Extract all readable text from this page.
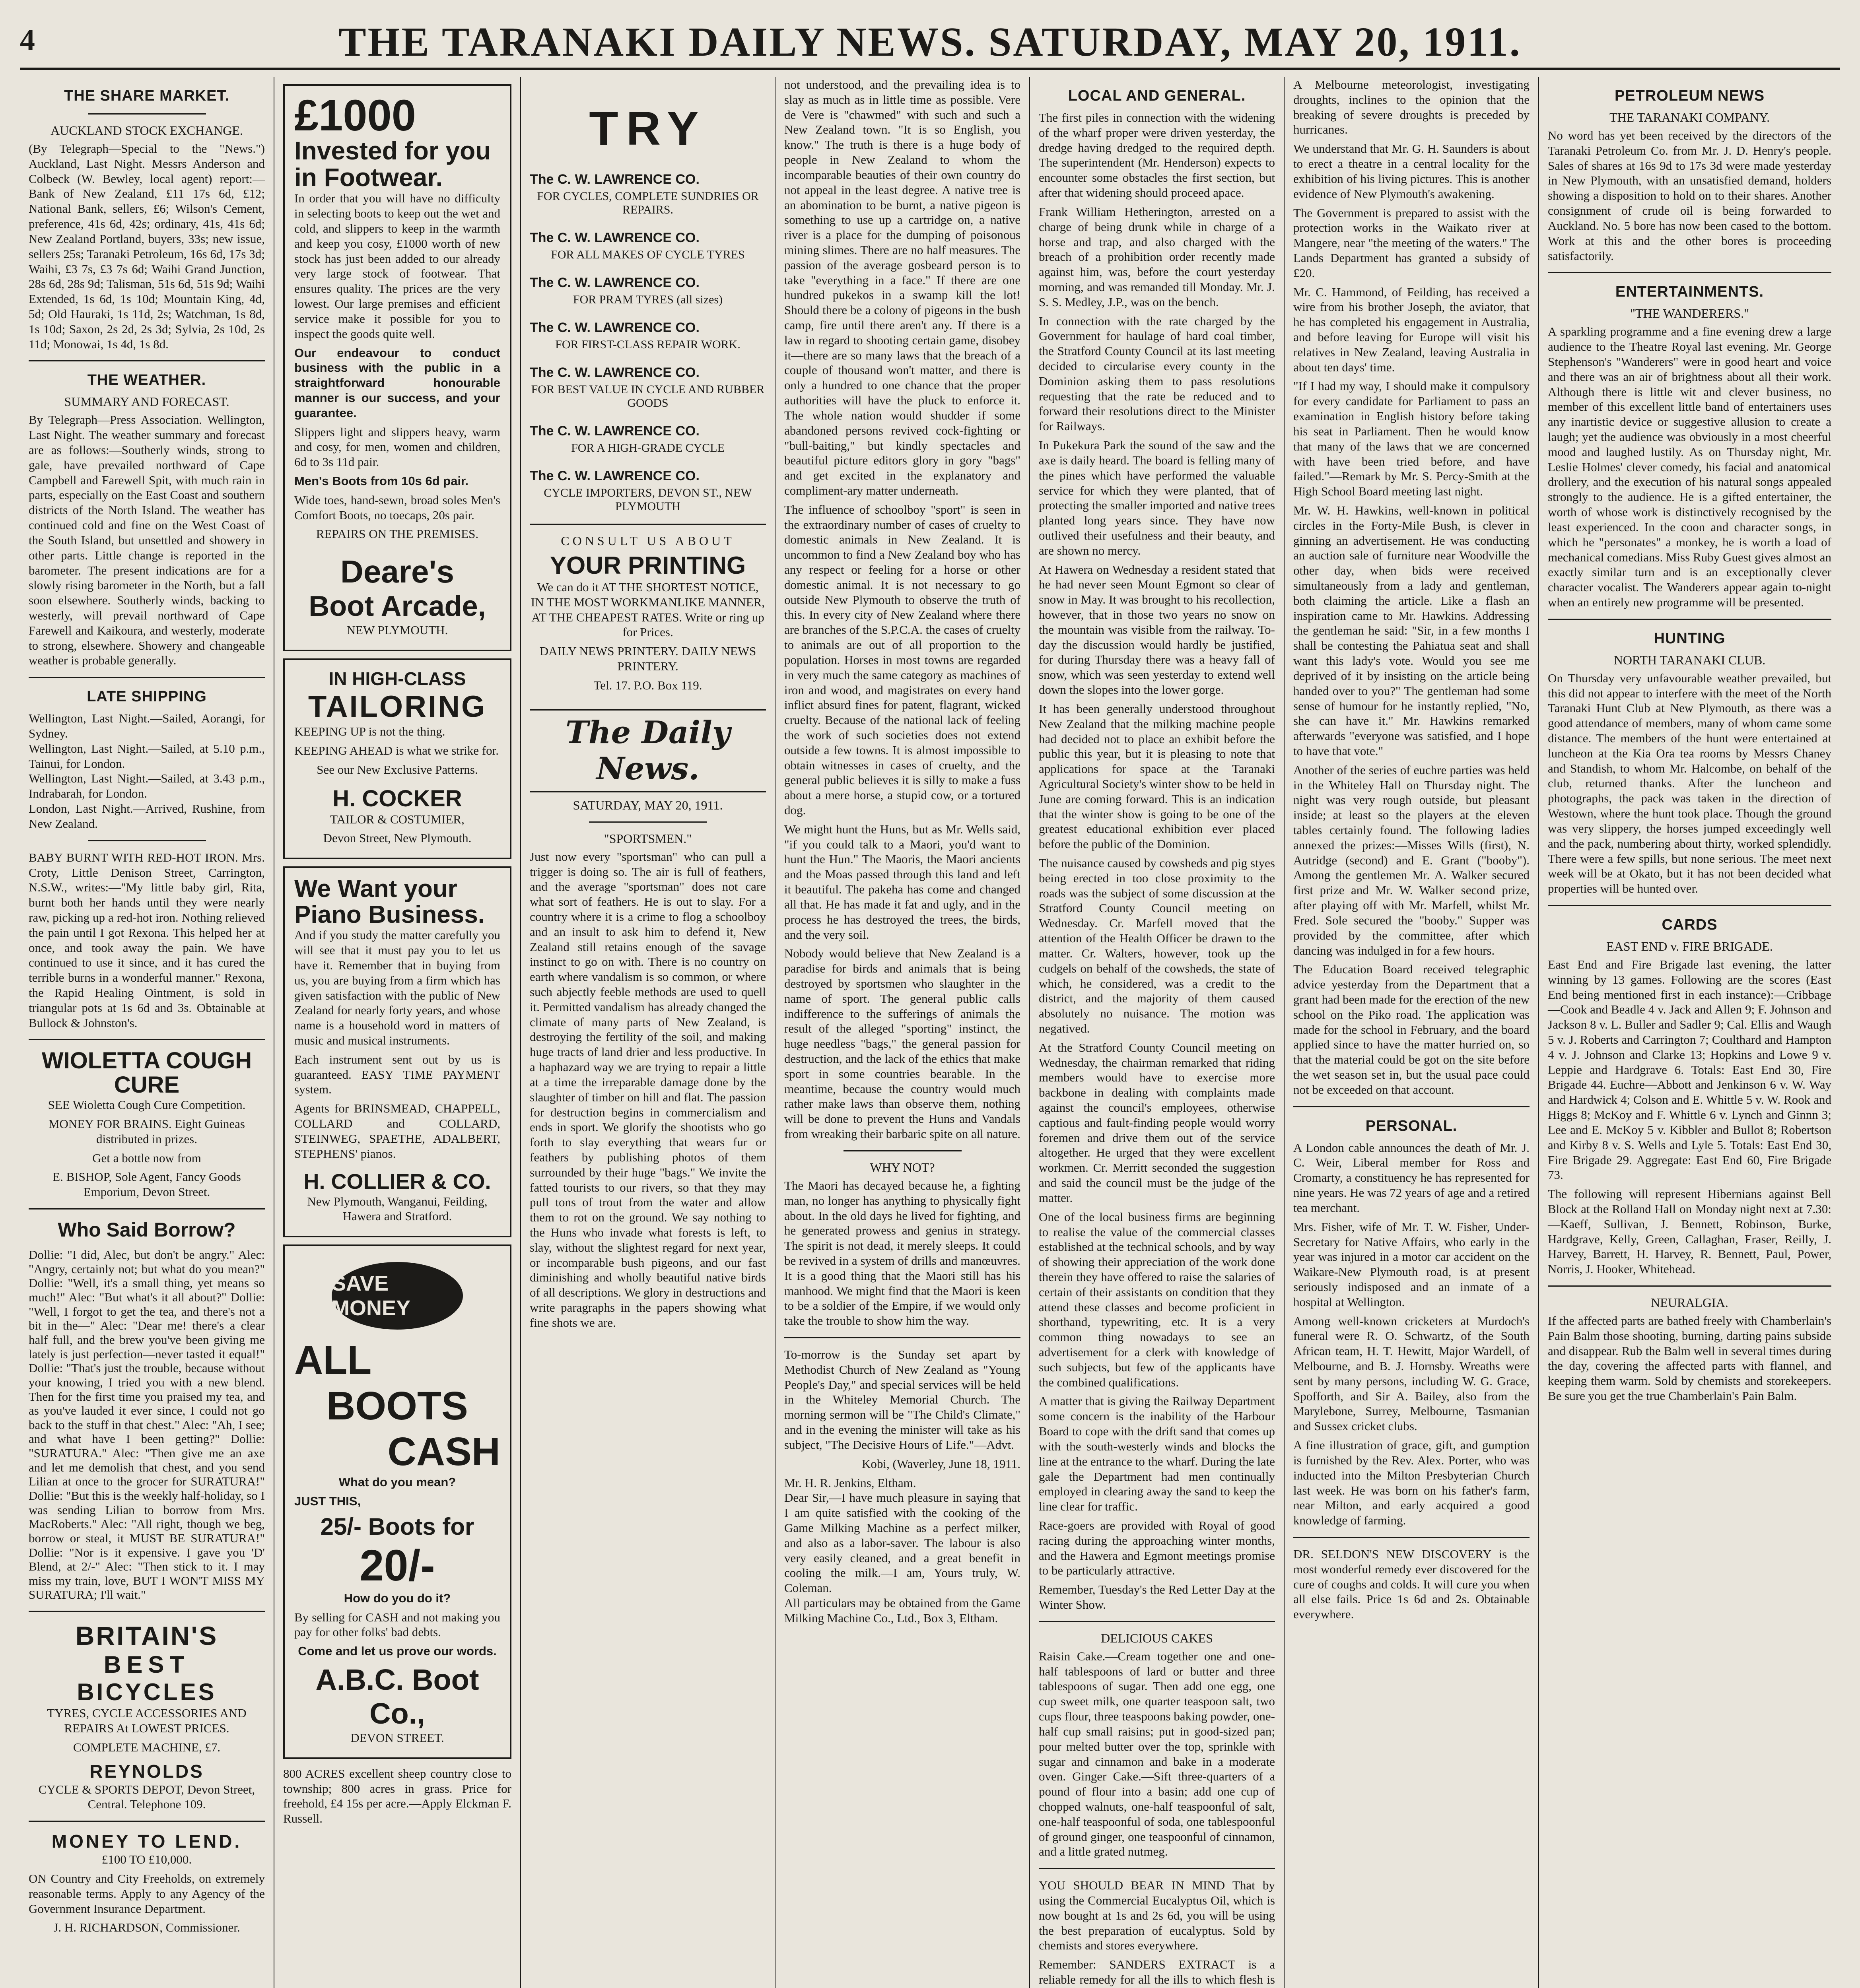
4	THE TARANAKI DAILY NEWS. SATURDAY, MAY 20, 1911.
THE SHARE MARKET.
AUCKLAND STOCK EXCHANGE.

(By Telegraph—Special to the "News.") Auckland, Last Night. Messrs Anderson and Colbeck (W. Bewley, local agent) report:—Bank of New Zealand, £11 17s 6d, £12; National Bank, sellers, £6; Wilson's Cement, preference, 41s 6d, 42s; ordinary, 41s, 41s 6d; New Zealand Portland, buyers, 33s; new issue, sellers 25s; Taranaki Petroleum, 16s 6d, 17s 3d; Waihi, £3 7s, £3 7s 6d; Waihi Grand Junction, 28s 6d, 28s 9d; Talisman, 51s 6d, 51s 9d; Waihi Extended, 1s 6d, 1s 10d; Mountain King, 4d, 5d; Old Hauraki, 1s 11d, 2s; Watchman, 1s 8d, 1s 10d; Saxon, 2s 2d, 2s 3d; Sylvia, 2s 10d, 2s 11d; Monowai, 1s 4d, 1s 8d.

THE WEATHER.
SUMMARY AND FORECAST.

By Telegraph—Press Association. Wellington, Last Night. The weather summary and forecast are as follows:—Southerly winds, strong to gale, have prevailed northward of Cape Campbell and Farewell Spit, with much rain in parts, especially on the East Coast and southern districts of the North Island. The weather has continued cold and fine on the West Coast of the South Island, but unsettled and showery in other parts. Little change is reported in the barometer. The present indications are for a slowly rising barometer in the North, but a fall soon elsewhere. Southerly winds, backing to westerly, will prevail northward of Cape Farewell and Kaikoura, and westerly, moderate to strong, elsewhere. Showery and changeable weather is probable generally.

LATE SHIPPING

Wellington, Last Night.—Sailed, Aorangi, for Sydney.
Wellington, Last Night.—Sailed, at 5.10 p.m., Tainui, for London.
Wellington, Last Night.—Sailed, at 3.43 p.m., Indrabarah, for London.
London, Last Night.—Arrived, Rushine, from New Zealand.

BABY BURNT WITH RED-HOT IRON. Mrs. Croty, Little Denison Street, Carrington, N.S.W., writes:—"My little baby girl, Rita, burnt both her hands until they were nearly raw, picking up a red-hot iron. Nothing relieved the pain until I got Rexona. This helped her at once, and took away the pain. We have continued to use it since, and it has cured the terrible burns in a wonderful manner." Rexona, the Rapid Healing Ointment, is sold in triangular pots at 1s 6d and 3s. Obtainable at Bullock & Johnston's.

WIOLETTA COUGH CURE

SEE Wioletta Cough Cure Competition.

MONEY FOR BRAINS. Eight Guineas distributed in prizes.

Get a bottle now from

E. BISHOP, Sole Agent, Fancy Goods Emporium, Devon Street.

Who Said Borrow?

Dollie: "I did, Alec, but don't be angry." Alec: "Angry, certainly not; but what do you mean?" Dollie: "Well, it's a small thing, yet means so much!" Alec: "But what's it all about?" Dollie: "Well, I forgot to get the tea, and there's not a bit in the—" Alec: "Dear me! there's a clear half full, and the brew you've been giving me lately is just perfection—never tasted it equal!" Dollie: "That's just the trouble, because without your knowing, I tried you with a new blend. Then for the first time you praised my tea, and as you've lauded it ever since, I could not go back to the stuff in that chest." Alec: "Ah, I see; and what have I been getting?" Dollie: "SURATURA." Alec: "Then give me an axe and let me demolish that chest, and you send Lilian at once to the grocer for SURATURA!" Dollie: "But this is the weekly half-holiday, so I was sending Lilian to borrow from Mrs. MacRoberts." Alec: "All right, though we beg, borrow or steal, it MUST BE SURATURA!" Dollie: "Nor is it expensive. I gave you 'D' Blend, at 2/-" Alec: "Then stick to it. I may miss my train, love, BUT I WON'T MISS MY SURATURA; I'll wait."

BRITAIN'S
BEST
BICYCLES

TYRES, CYCLE ACCESSORIES AND REPAIRS At LOWEST PRICES.

COMPLETE MACHINE, £7.

REYNOLDS

CYCLE & SPORTS DEPOT, Devon Street, Central. Telephone 109.

MONEY TO LEND.

£100 TO £10,000.

ON Country and City Freeholds, on extremely reasonable terms. Apply to any Agency of the Government Insurance Department.

J. H. RICHARDSON, Commissioner.

£1000
Invested for you in Footwear.

In order that you will have no difficulty in selecting boots to keep out the wet and cold, and slippers to keep in the warmth and keep you cosy, £1000 worth of new stock has just been added to our already very large stock of footwear. That ensures quality. The prices are the very lowest. Our large premises and efficient service make it possible for you to inspect the goods quite well.

Our endeavour to conduct business with the public in a straightforward honourable manner is our success, and your guarantee.

Slippers light and slippers heavy, warm and cosy, for men, women and children, 6d to 3s 11d pair.

Men's Boots from 10s 6d pair.

Wide toes, hand-sewn, broad soles Men's Comfort Boots, no toecaps, 20s pair.

REPAIRS ON THE PREMISES.

Deare's
Boot Arcade,

NEW PLYMOUTH.

IN HIGH-CLASS
TAILORING

KEEPING UP is not the thing.

KEEPING AHEAD is what we strike for.

See our New Exclusive Patterns.

H. COCKER

TAILOR & COSTUMIER,

Devon Street, New Plymouth.

We Want your Piano Business.

And if you study the matter carefully you will see that it must pay you to let us have it. Remember that in buying from us, you are buying from a firm which has given satisfaction with the public of New Zealand for nearly forty years, and whose name is a household word in matters of music and musical instruments.

Each instrument sent out by us is guaranteed. EASY TIME PAYMENT system.

Agents for BRINSMEAD, CHAPPELL, COLLARD and COLLARD, STEINWEG, SPAETHE, ADALBERT, STEPHENS' pianos.

H. COLLIER & CO.

New Plymouth, Wanganui, Feilding, Hawera and Stratford.

SAVE MONEY
ALL
BOOTS
CASH

What do you mean?

JUST THIS,

25/- Boots for
20/-

How do you do it?

By selling for CASH and not making you pay for other folks' bad debts.

Come and let us prove our words.

A.B.C. Boot Co.,

DEVON STREET.

800 ACRES excellent sheep country close to township; 800 acres in grass. Price for freehold, £4 15s per acre.—Apply Elckman F. Russell.

TRY
The C. W. LAWRENCE CO.
FOR CYCLES, COMPLETE SUNDRIES OR REPAIRS.
The C. W. LAWRENCE CO.
FOR ALL MAKES OF CYCLE TYRES
The C. W. LAWRENCE CO.
FOR PRAM TYRES (all sizes)
The C. W. LAWRENCE CO.
FOR FIRST-CLASS REPAIR WORK.
The C. W. LAWRENCE CO.
FOR BEST VALUE IN CYCLE AND RUBBER GOODS
The C. W. LAWRENCE CO.
FOR A HIGH-GRADE CYCLE
The C. W. LAWRENCE CO.
CYCLE IMPORTERS, DEVON ST., NEW PLYMOUTH
CONSULT US ABOUT
YOUR PRINTING

We can do it AT THE SHORTEST NOTICE, IN THE MOST WORKMANLIKE MANNER, AT THE CHEAPEST RATES. Write or ring up for Prices.

DAILY NEWS PRINTERY. DAILY NEWS PRINTERY.

Tel. 17. P.O. Box 119.

The Daily News.
SATURDAY, MAY 20, 1911.
"SPORTSMEN."

Just now every "sportsman" who can pull a trigger is doing so. The air is full of feathers, and the average "sportsman" does not care what sort of feathers. He is out to slay. For a country where it is a crime to flog a schoolboy and an insult to ask him to defend it, New Zealand still retains enough of the savage instinct to go on with. There is no country on earth where vandalism is so common, or where such abjectly feeble methods are used to quell it. Permitted vandalism has already changed the climate of many parts of New Zealand, is destroying the fertility of the soil, and making huge tracts of land drier and less productive. In a haphazard way we are trying to repair a little at a time the irreparable damage done by the slaughter of timber on hill and flat. The passion for destruction begins in commercialism and ends in sport. We glorify the shootists who go forth to slay everything that wears fur or feathers by publishing photos of them surrounded by their huge "bags." We invite the fatted tourists to our rivers, so that they may pull tons of trout from the water and allow them to rot on the ground. We say nothing to the Huns who invade what forests is left, to slay, without the slightest regard for next year, or incomparable bush pigeons, and our fast diminishing and wholly beautiful native birds of all descriptions. We glory in destructions and write paragraphs in the papers showing what fine shots we are.

not understood, and the prevailing idea is to slay as much as in little time as possible. Vere de Vere is "chawmed" with such and such a New Zealand town. "It is so English, you know." The truth is there is a huge body of people in New Zealand to whom the incomparable beauties of their own country do not appeal in the least degree. A native tree is an abomination to be burnt, a native pigeon is something to use up a cartridge on, a native river is a place for the dumping of poisonous mining slimes. There are no half measures. The passion of the average gosbeard person is to take "everything in a face." If there are one hundred pukekos in a swamp kill the lot! Should there be a colony of pigeons in the bush camp, fire until there aren't any. If there is a law in regard to shooting certain game, disobey it—there are so many laws that the breach of a couple of thousand won't matter, and there is only a hundred to one chance that the proper authorities will have the pluck to enforce it. The whole nation would shudder if some abandoned persons revived cock-fighting or "bull-baiting," but kindly spectacles and beautiful picture editors glory in gory "bags" and get excited in the explanatory and compliment-ary matter underneath.

The influence of schoolboy "sport" is seen in the extraordinary number of cases of cruelty to domestic animals in New Zealand. It is uncommon to find a New Zealand boy who has any respect or feeling for a horse or other domestic animal. It is not necessary to go outside New Plymouth to observe the truth of this. In every city of New Zealand where there are branches of the S.P.C.A. the cases of cruelty to animals are out of all proportion to the population. Horses in most towns are regarded in very much the same category as machines of iron and wood, and magistrates on every hand inflict absurd fines for patent, flagrant, wicked cruelty. Because of the national lack of feeling the work of such societies does not extend outside a few towns. It is almost impossible to obtain witnesses in cases of cruelty, and the general public believes it is silly to make a fuss about a mere horse, a stupid cow, or a tortured dog.

We might hunt the Huns, but as Mr. Wells said, "if you could talk to a Maori, you'd want to hunt the Hun." The Maoris, the Maori ancients and the Moas passed through this land and left it beautiful. The pakeha has come and changed all that. He has made it fat and ugly, and in the process he has destroyed the trees, the birds, and the very soil.

Nobody would believe that New Zealand is a paradise for birds and animals that is being destroyed by sportsmen who slaughter in the name of sport. The general public calls indifference to the sufferings of animals the result of the alleged "sporting" instinct, the huge needless "bags," the general passion for destruction, and the lack of the ethics that make sport in some countries bearable. In the meantime, because the country would much rather make laws than observe them, nothing will be done to prevent the Huns and Vandals from wreaking their barbaric spite on all nature.

WHY NOT?

The Maori has decayed because he, a fighting man, no longer has anything to physically fight about. In the old days he lived for fighting, and he generated prowess and genius in strategy. The spirit is not dead, it merely sleeps. It could be revived in a system of drills and manœuvres. It is a good thing that the Maori still has his manhood. We might find that the Maori is keen to be a soldier of the Empire, if we would only take the trouble to show him the way.

To-morrow is the Sunday set apart by Methodist Church of New Zealand as "Young People's Day," and special services will be held in the Whiteley Memorial Church. The morning sermon will be "The Child's Climate," and in the evening the minister will take as his subject, "The Decisive Hours of Life."—Advt.

Kobi, (Waverley, June 18, 1911.

Mr. H. R. Jenkins, Eltham.
Dear Sir,—I have much pleasure in saying that I am quite satisfied with the cooking of the Game Milking Machine as a perfect milker, and also as a labor-saver. The labour is also very easily cleaned, and a great benefit in cooling the milk.—I am, Yours truly, W. Coleman.
All particulars may be obtained from the Game Milking Machine Co., Ltd., Box 3, Eltham.

LOCAL AND GENERAL.

The first piles in connection with the widening of the wharf proper were driven yesterday, the dredge having dredged to the required depth. The superintendent (Mr. Henderson) expects to encounter some obstacles the first section, but after that widening should proceed apace.

Frank William Hetherington, arrested on a charge of being drunk while in charge of a horse and trap, and also charged with the breach of a prohibition order recently made against him, was, before the court yesterday morning, and was remanded till Monday. Mr. J. S. S. Medley, J.P., was on the bench.

In connection with the rate charged by the Government for haulage of hard coal timber, the Stratford County Council at its last meeting decided to circularise every county in the Dominion asking them to pass resolutions requesting that the rate be reduced and to forward their resolutions direct to the Minister for Railways.

In Pukekura Park the sound of the saw and the axe is daily heard. The board is felling many of the pines which have performed the valuable service for which they were planted, that of protecting the smaller imported and native trees planted long years since. They have now outlived their usefulness and their beauty, and are shown no mercy.

At Hawera on Wednesday a resident stated that he had never seen Mount Egmont so clear of snow in May. It was brought to his recollection, however, that in those two years no snow on the mountain was visible from the railway. To-day the discussion would hardly be justified, for during Thursday there was a heavy fall of snow, which was seen yesterday to extend well down the slopes into the lower gorge.

It has been generally understood throughout New Zealand that the milking machine people had decided not to place an exhibit before the public this year, but it is pleasing to note that applications for space at the Taranaki Agricultural Society's winter show to be held in June are coming forward. This is an indication that the winter show is going to be one of the greatest educational exhibition ever placed before the public of the Dominion.

The nuisance caused by cowsheds and pig styes being erected in too close proximity to the roads was the subject of some discussion at the Stratford County Council meeting on Wednesday. Cr. Marfell moved that the attention of the Health Officer be drawn to the matter. Cr. Walters, however, took up the cudgels on behalf of the cowsheds, the state of which, he considered, was a credit to the district, and the majority of them caused absolutely no nuisance. The motion was negatived.

At the Stratford County Council meeting on Wednesday, the chairman remarked that riding members would have to exercise more backbone in dealing with complaints made against the council's employees, otherwise captious and fault-finding people would worry foremen and drive them out of the service altogether. He urged that they were excellent workmen. Cr. Merritt seconded the suggestion and said the council must be the judge of the matter.

One of the local business firms are beginning to realise the value of the commercial classes established at the technical schools, and by way of showing their appreciation of the work done therein they have offered to raise the salaries of certain of their assistants on condition that they attend these classes and become proficient in shorthand, typewriting, etc. It is a very common thing nowadays to see an advertisement for a clerk with knowledge of such subjects, but few of the applicants have the combined qualifications.

A matter that is giving the Railway Department some concern is the inability of the Harbour Board to cope with the drift sand that comes up with the south-westerly winds and blocks the line at the entrance to the wharf. During the late gale the Department had men continually employed in clearing away the sand to keep the line clear for traffic.

Race-goers are provided with Royal of good racing during the approaching winter months, and the Hawera and Egmont meetings promise to be particularly attractive.

Remember, Tuesday's the Red Letter Day at the Winter Show.

DELICIOUS CAKES

Raisin Cake.—Cream together one and one-half tablespoons of lard or butter and three tablespoons of sugar. Then add one egg, one cup sweet milk, one quarter teaspoon salt, two cups flour, three teaspoons baking powder, one-half cup small raisins; put in good-sized pan; pour melted butter over the top, sprinkle with sugar and cinnamon and bake in a moderate oven. Ginger Cake.—Sift three-quarters of a pound of flour into a basin; add one cup of chopped walnuts, one-half teaspoonful of salt, one-half teaspoonful of soda, one tablespoonful of ground ginger, one teaspoonful of cinnamon, and a little grated nutmeg.

YOU SHOULD BEAR IN MIND That by using the Commercial Eucalyptus Oil, which is now bought at 1s and 2s 6d, you will be using the best preparation of eucalyptus. Sold by chemists and stores everywhere.

Remember: SANDERS EXTRACT is a reliable remedy for all the ills to which flesh is

A Melbourne meteorologist, investigating droughts, inclines to the opinion that the breaking of severe droughts is preceded by hurricanes.

We understand that Mr. G. H. Saunders is about to erect a theatre in a central locality for the exhibition of his living pictures. This is another evidence of New Plymouth's awakening.

The Government is prepared to assist with the protection works in the Waikato river at Mangere, near "the meeting of the waters." The Lands Department has granted a subsidy of £20.

Mr. C. Hammond, of Feilding, has received a wire from his brother Joseph, the aviator, that he has completed his engagement in Australia, and before leaving for Europe will visit his relatives in New Zealand, leaving Australia in about ten days' time.

"If I had my way, I should make it compulsory for every candidate for Parliament to pass an examination in English history before taking his seat in Parliament. Then he would know that many of the laws that we are concerned with have been tried before, and have failed."—Remark by Mr. S. Percy-Smith at the High School Board meeting last night.

Mr. W. H. Hawkins, well-known in political circles in the Forty-Mile Bush, is clever in ginning an advertisement. He was conducting an auction sale of furniture near Woodville the other day, when bids were received simultaneously from a lady and gentleman, both claiming the article. Like a flash an inspiration came to Mr. Hawkins. Addressing the gentleman he said: "Sir, in a few months I shall be contesting the Pahiatua seat and shall want this lady's vote. Would you see me deprived of it by insisting on the article being handed over to you?" The gentleman had some sense of humour for he instantly replied, "No, she can have it." Mr. Hawkins remarked afterwards "everyone was satisfied, and I hope to have that vote."

Another of the series of euchre parties was held in the Whiteley Hall on Thursday night. The night was very rough outside, but pleasant inside; at least so the players at the eleven tables certainly found. The following ladies annexed the prizes:—Misses Wills (first), N. Autridge (second) and E. Grant ("booby"). Among the gentlemen Mr. A. Walker secured first prize and Mr. W. Walker second prize, after playing off with Mr. Marfell, whilst Mr. Fred. Sole secured the "booby." Supper was provided by the committee, after which dancing was indulged in for a few hours.

The Education Board received telegraphic advice yesterday from the Department that a grant had been made for the erection of the new school on the Piko road. The application was made for the school in February, and the board applied since to have the matter hurried on, so that the material could be got on the site before the wet season set in, but the usual pace could not be exceeded on that account.

PERSONAL.

A London cable announces the death of Mr. J. C. Weir, Liberal member for Ross and Cromarty, a constituency he has represented for nine years. He was 72 years of age and a retired tea merchant.

Mrs. Fisher, wife of Mr. T. W. Fisher, Under-Secretary for Native Affairs, who early in the year was injured in a motor car accident on the Waikare-New Plymouth road, is at present seriously indisposed and an inmate of a hospital at Wellington.

Among well-known cricketers at Murdoch's funeral were R. O. Schwartz, of the South African team, H. T. Hewitt, Major Wardell, of Melbourne, and B. J. Hornsby. Wreaths were sent by many persons, including W. G. Grace, Spofforth, and Sir A. Bailey, also from the Marylebone, Surrey, Melbourne, Tasmanian and Sussex cricket clubs.

A fine illustration of grace, gift, and gumption is furnished by the Rev. Alex. Porter, who was inducted into the Milton Presbyterian Church last week. He was born on his father's farm, near Milton, and early acquired a good knowledge of farming.

DR. SELDON'S NEW DISCOVERY is the most wonderful remedy ever discovered for the cure of coughs and colds. It will cure you when all else fails. Price 1s 6d and 2s. Obtainable everywhere.

PETROLEUM NEWS
THE TARANAKI COMPANY.

No word has yet been received by the directors of the Taranaki Petroleum Co. from Mr. J. D. Henry's people. Sales of shares at 16s 9d to 17s 3d were made yesterday in New Plymouth, with an unsatisfied demand, holders showing a disposition to hold on to their shares. Another consignment of crude oil is being forwarded to Auckland. No. 5 bore has now been cased to the bottom. Work at this and the other bores is proceeding satisfactorily.

ENTERTAINMENTS.
"THE WANDERERS."

A sparkling programme and a fine evening drew a large audience to the Theatre Royal last evening. Mr. George Stephenson's "Wanderers" were in good heart and voice and there was an air of brightness about all their work. Although there is little wit and clever business, no member of this excellent little band of entertainers uses any inartistic device or suggestive allusion to create a laugh; yet the audience was obviously in a most cheerful mood and laughed lustily. As on Thursday night, Mr. Leslie Holmes' clever comedy, his facial and anatomical drollery, and the execution of his natural songs appealed strongly to the audience. He is a gifted entertainer, the worth of whose work is distinctively recognised by the least experienced. In the coon and character songs, in which he "personates" a monkey, he is worth a load of mechanical comedians. Miss Ruby Guest gives almost an exactly similar turn and is an exceptionally clever character vocalist. The Wanderers appear again to-night when an entirely new programme will be presented.

HUNTING
NORTH TARANAKI CLUB.

On Thursday very unfavourable weather prevailed, but this did not appear to interfere with the meet of the North Taranaki Hunt Club at New Plymouth, as there was a good attendance of members, many of whom came some distance. The members of the hunt were entertained at luncheon at the Kia Ora tea rooms by Messrs Chaney and Standish, to whom Mr. Halcombe, on behalf of the club, returned thanks. After the luncheon and photographs, the pack was taken in the direction of Westown, where the hunt took place. Though the ground was very slippery, the horses jumped exceedingly well and the pack, numbering about thirty, worked splendidly. There were a few spills, but none serious. The meet next week will be at Okato, but it has not been decided what properties will be hunted over.

CARDS
EAST END v. FIRE BRIGADE.

East End and Fire Brigade last evening, the latter winning by 13 games. Following are the scores (East End being mentioned first in each instance):—Cribbage—Cook and Beadle 4 v. Jack and Allen 9; F. Johnson and Jackson 8 v. L. Buller and Sadler 9; Cal. Ellis and Waugh 5 v. J. Roberts and Carrington 7; Coulthard and Hampton 4 v. J. Johnson and Clarke 13; Hopkins and Lowe 9 v. Leppie and Hardgrave 6. Totals: East End 30, Fire Brigade 44. Euchre—Abbott and Jenkinson 6 v. W. Way and Hardwick 4; Colson and E. Whittle 5 v. W. Rook and Higgs 8; McKoy and F. Whittle 6 v. Lynch and Ginnn 3; Lee and E. McKoy 5 v. Kibbler and Bullot 8; Robertson and Kirby 8 v. S. Wells and Lyle 5. Totals: East End 30, Fire Brigade 29. Aggregate: East End 60, Fire Brigade 73.

The following will represent Hibernians against Bell Block at the Rolland Hall on Monday night next at 7.30:—Kaeff, Sullivan, J. Bennett, Robinson, Burke, Hardgrave, Kelly, Green, Callaghan, Fraser, Reilly, J. Harvey, Barrett, H. Harvey, R. Bennett, Paul, Power, Norris, J. Hooker, Whitehead.

NEURALGIA.

If the affected parts are bathed freely with Chamberlain's Pain Balm those shooting, burning, darting pains subside and disappear. Rub the Balm well in several times during the day, covering the affected parts with flannel, and keeping them warm. Sold by chemists and storekeepers. Be sure you get the true Chamberlain's Pain Balm.
